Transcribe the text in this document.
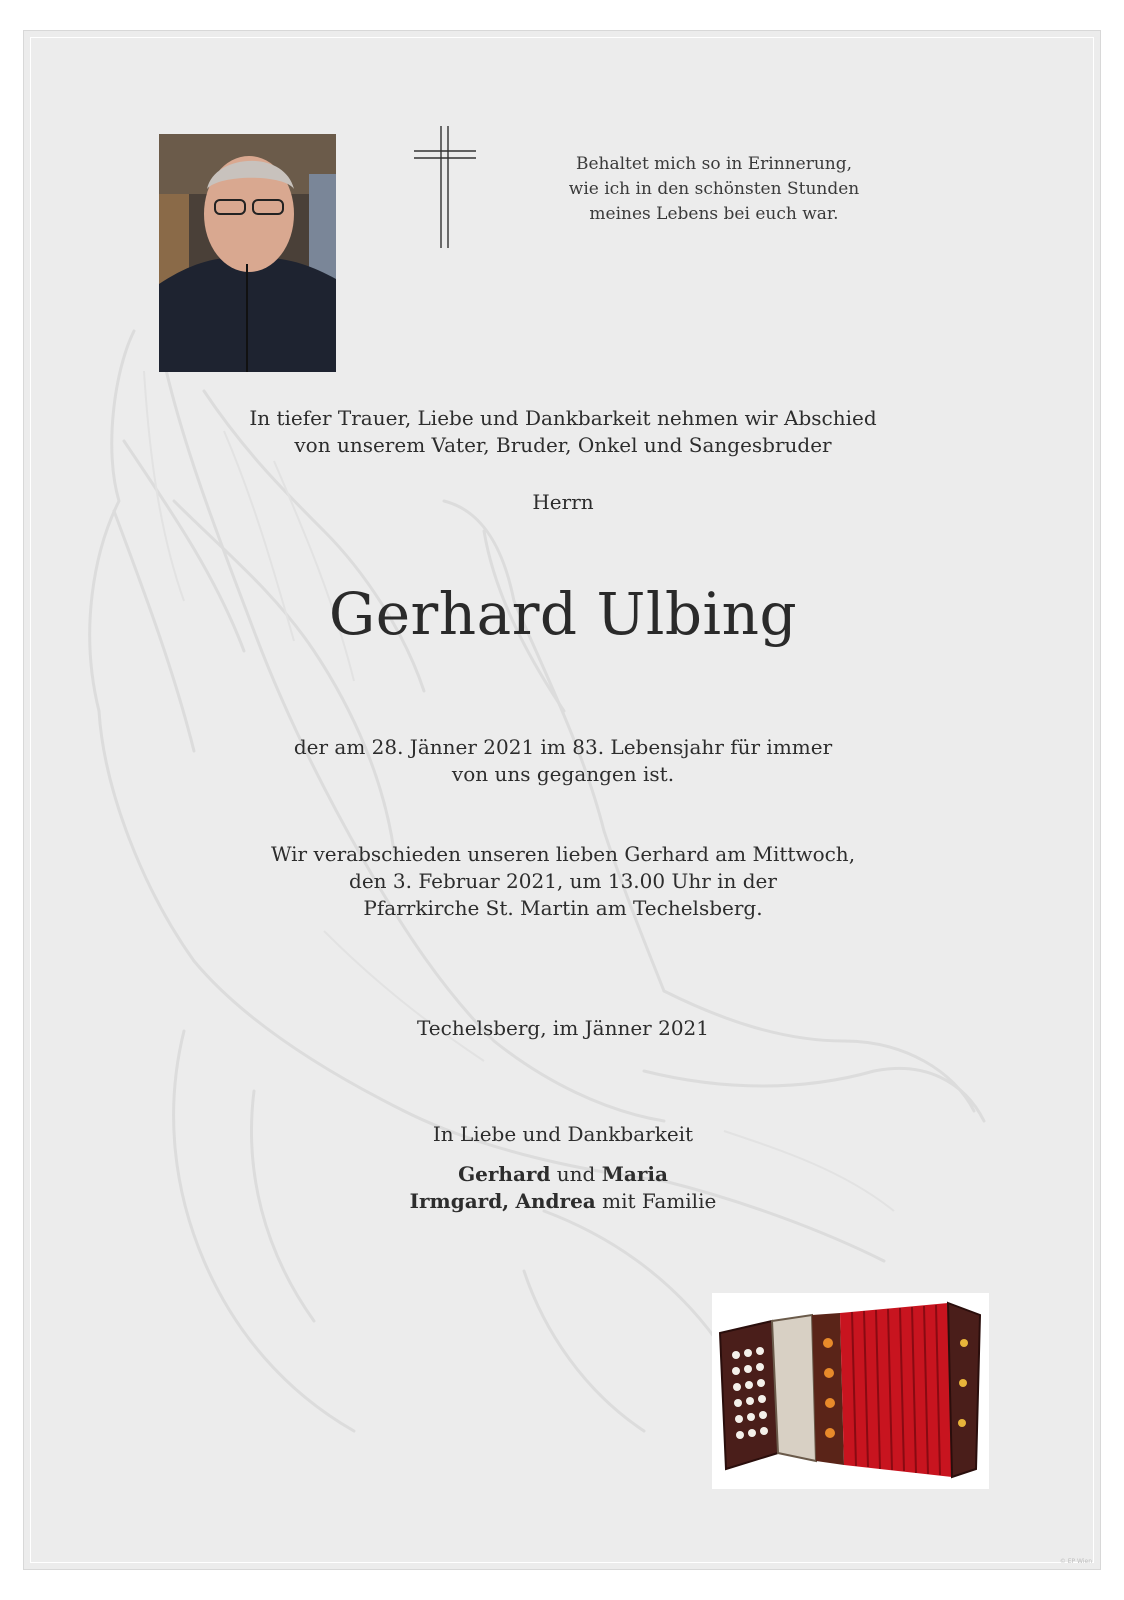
Behaltet mich so in Erinnerung,
wie ich in den schönsten Stunden
meines Lebens bei euch war.
In tiefer Trauer, Liebe und Dankbarkeit nehmen wir Abschied
von unserem Vater, Bruder, Onkel und Sangesbruder
Herrn
Gerhard Ulbing
der am 28. Jänner 2021 im 83. Lebensjahr für immer
von uns gegangen ist.
Wir verabschieden unseren lieben Gerhard am Mittwoch,
den 3. Februar 2021, um 13.00 Uhr in der
Pfarrkirche St. Martin am Techelsberg.
Techelsberg, im Jänner 2021
In Liebe und Dankbarkeit
Gerhard und Maria
Irmgard, Andrea mit Familie
© EP Wien
